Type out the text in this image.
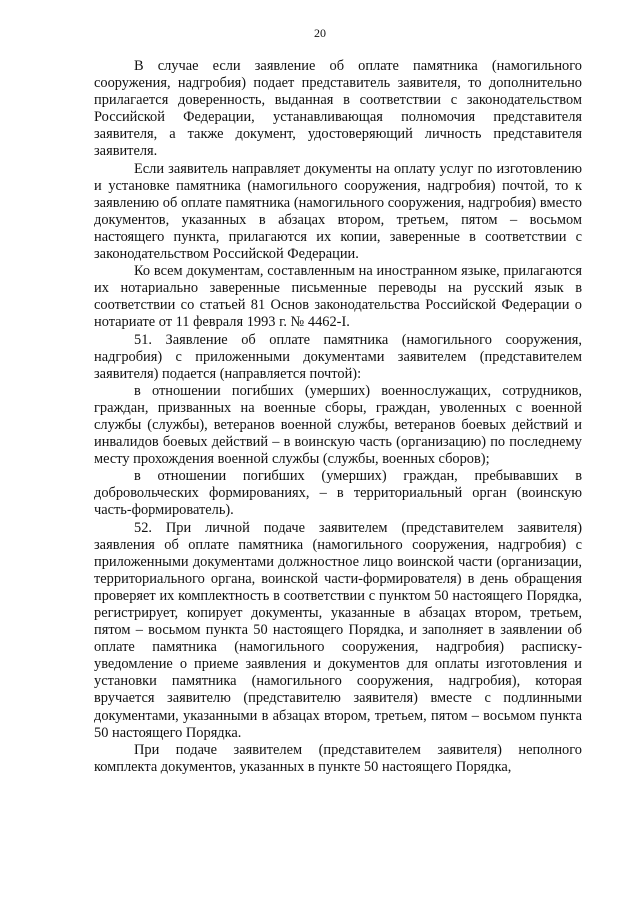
20

В случае если заявление об оплате памятника (намогильного сооружения, надгробия) подает представитель заявителя, то дополнительно прилагается доверенность, выданная в соответствии с законодательством Российской Федерации, устанавливающая полномочия представителя заявителя, а также документ, удостоверяющий личность представителя заявителя.

Если заявитель направляет документы на оплату услуг по изготовлению и установке памятника (намогильного сооружения, надгробия) почтой, то к заявлению об оплате памятника (намогильного сооружения, надгробия) вместо документов, указанных в абзацах втором, третьем, пятом – восьмом настоящего пункта, прилагаются их копии, заверенные в соответствии с законодательством Российской Федерации.

Ко всем документам, составленным на иностранном языке, прилагаются их нотариально заверенные письменные переводы на русский язык в соответствии со статьей 81 Основ законодательства Российской Федерации о нотариате от 11 февраля 1993 г. № 4462-I.

51. Заявление об оплате памятника (намогильного сооружения, надгробия) с приложенными документами заявителем (представителем заявителя) подается (направляется почтой):

в отношении погибших (умерших) военнослужащих, сотрудников, граждан, призванных на военные сборы, граждан, уволенных с военной службы (службы), ветеранов военной службы, ветеранов боевых действий и инвалидов боевых действий – в воинскую часть (организацию) по последнему месту прохождения военной службы (службы, военных сборов);

в отношении погибших (умерших) граждан, пребывавших в добровольческих формированиях, – в территориальный орган (воинскую часть-формирователь).

52. При личной подаче заявителем (представителем заявителя) заявления об оплате памятника (намогильного сооружения, надгробия) с приложенными документами должностное лицо воинской части (организации, территориального органа, воинской части-формирователя) в день обращения проверяет их комплектность в соответствии с пунктом 50 настоящего Порядка, регистрирует, копирует документы, указанные в абзацах втором, третьем, пятом – восьмом пункта 50 настоящего Порядка, и заполняет в заявлении об оплате памятника (намогильного сооружения, надгробия) расписку-уведомление о приеме заявления и документов для оплаты изготовления и установки памятника (намогильного сооружения, надгробия), которая вручается заявителю (представителю заявителя) вместе с подлинными документами, указанными в абзацах втором, третьем, пятом – восьмом пункта 50 настоящего Порядка.

При подаче заявителем (представителем заявителя) неполного комплекта документов, указанных в пункте 50 настоящего Порядка,
